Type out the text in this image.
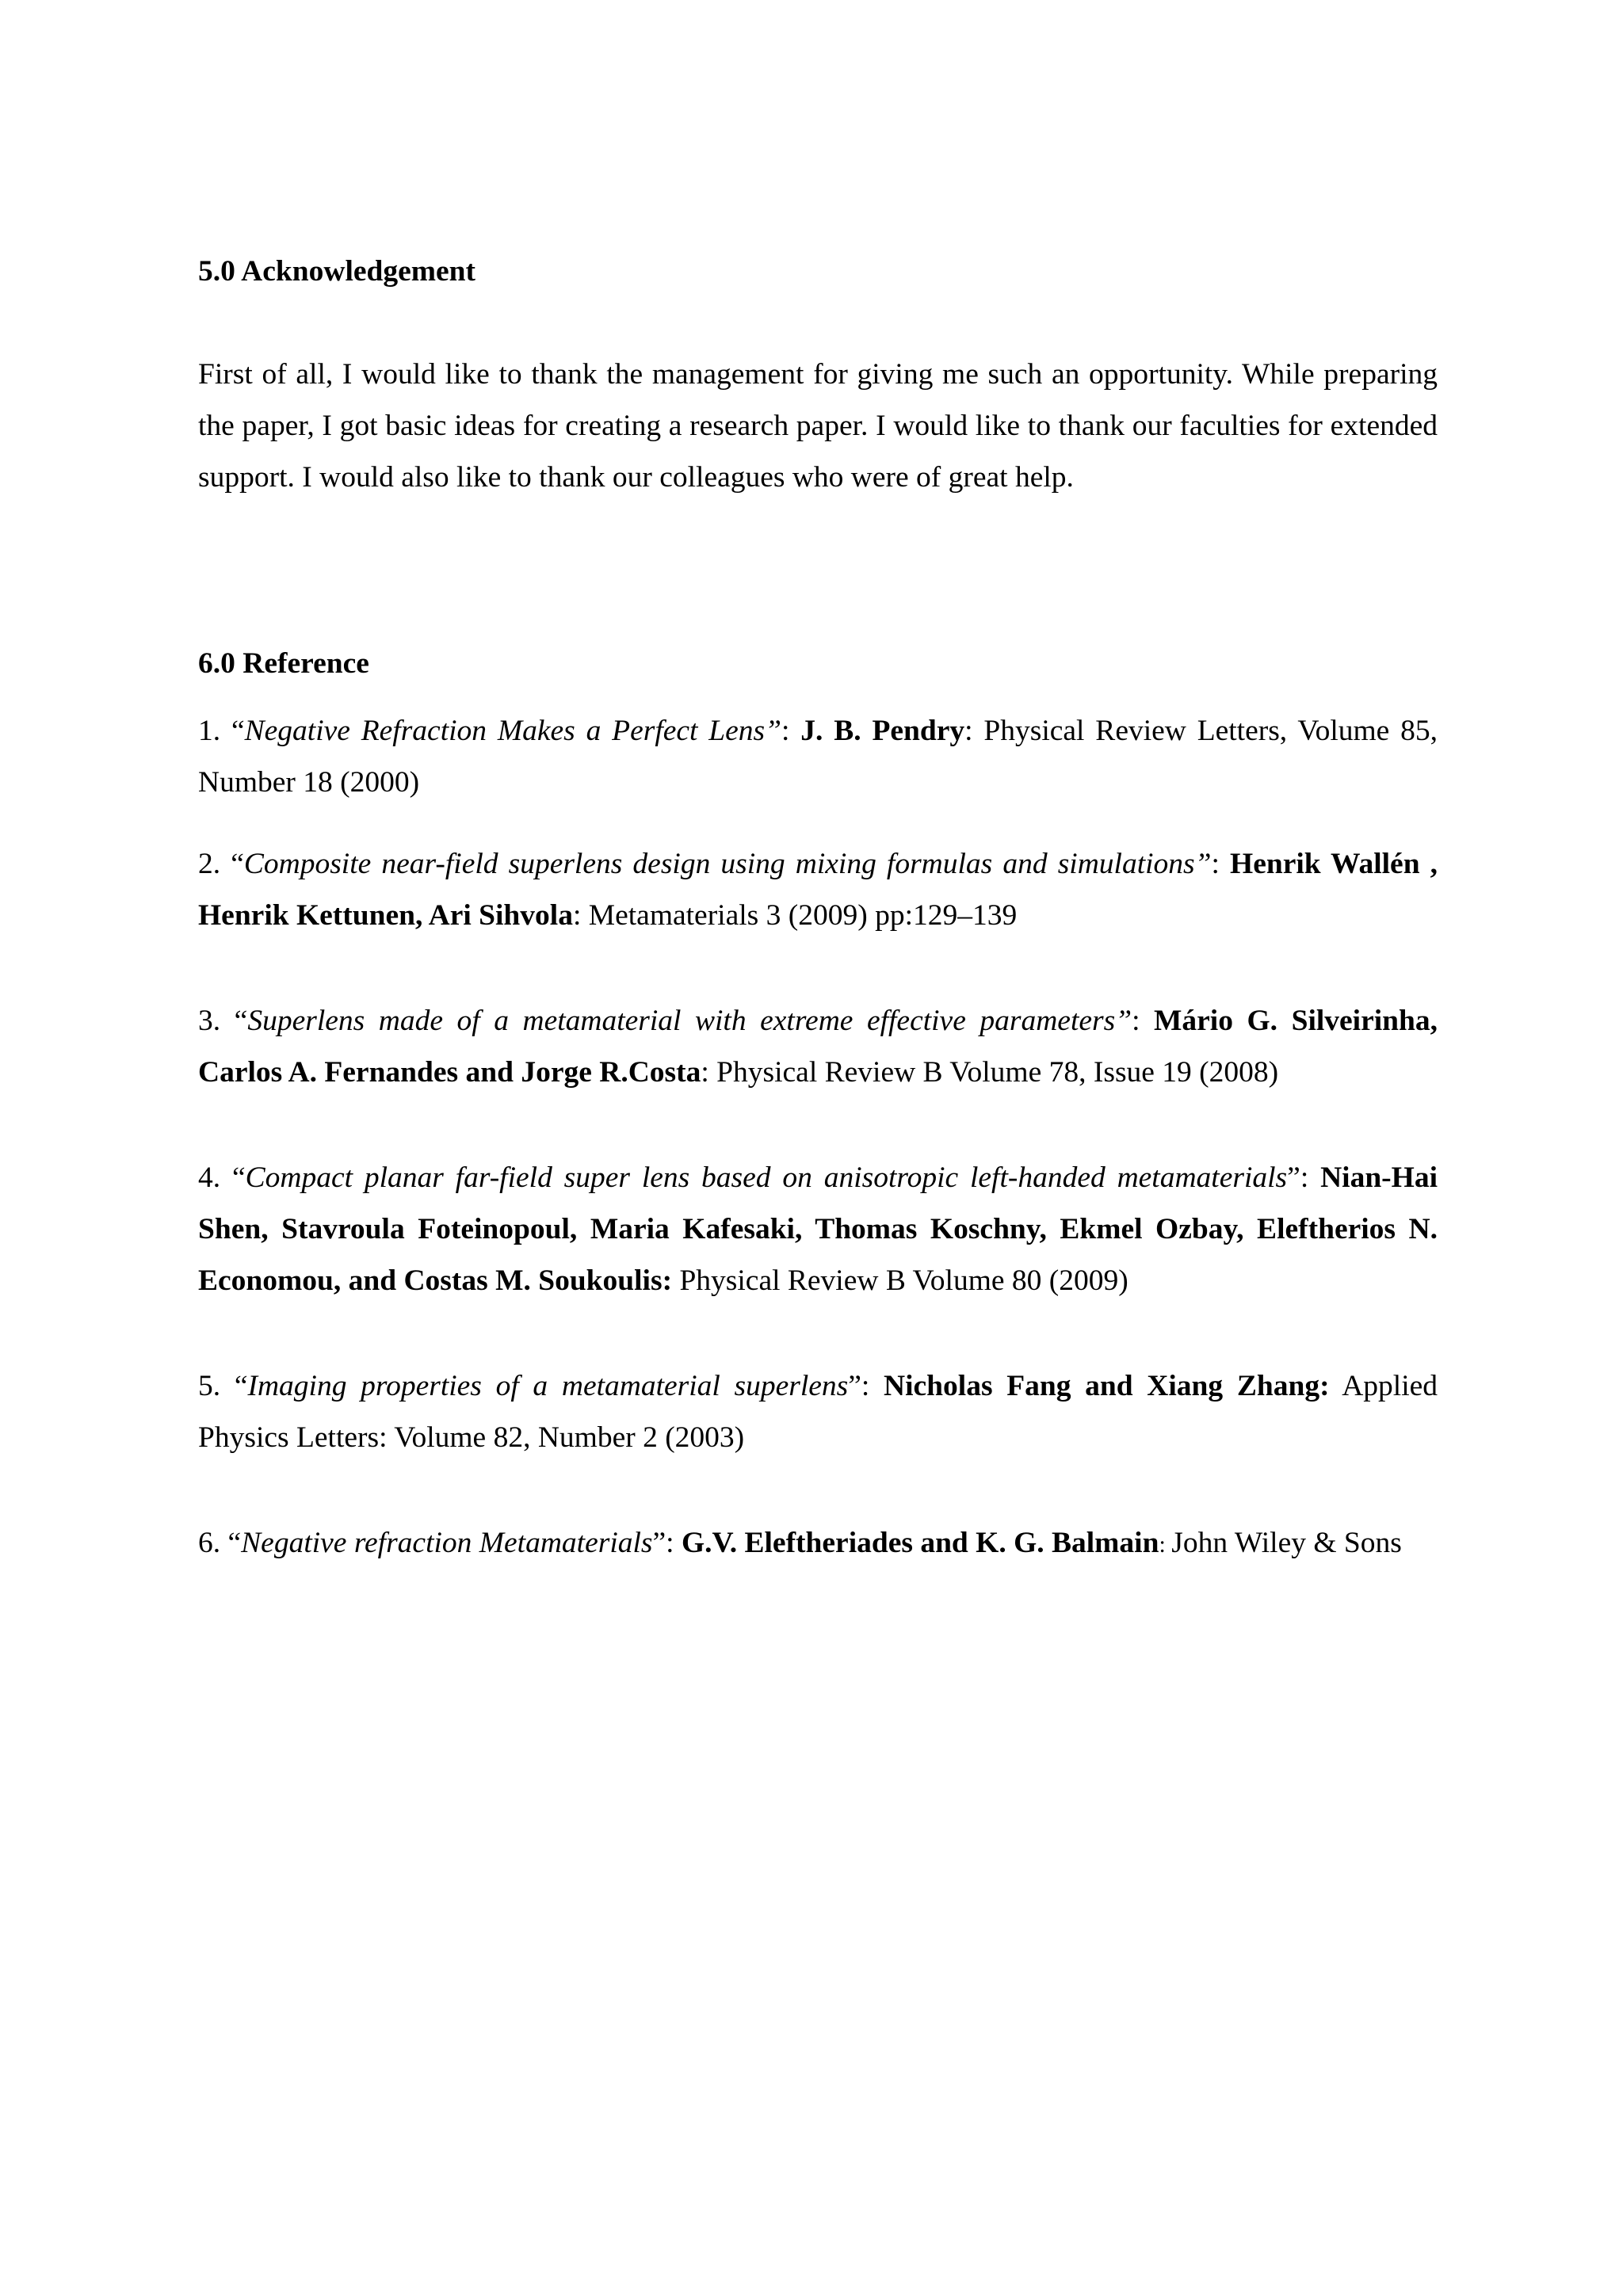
5.0 Acknowledgement

First of all, I would like to thank the management for giving me such an opportunity. While preparing the paper, I got basic ideas for creating a research paper. I would like to thank our faculties for extended support. I would also like to thank our colleagues who were of great help.

6.0 Reference

1. “Negative Refraction Makes a Perfect Lens”: J. B. Pendry: Physical Review Letters, Volume 85, Number 18 (2000)

2. “Composite near-field superlens design using mixing formulas and simulations”: Henrik Wallén , Henrik Kettunen, Ari Sihvola: Metamaterials 3 (2009) pp:129–139

3. “Superlens made of a metamaterial with extreme effective parameters”: Mário G. Silveirinha, Carlos A. Fernandes and Jorge R.Costa: Physical Review B Volume 78, Issue 19 (2008)

4. “Compact planar far-field super lens based on anisotropic left-handed metamaterials”: Nian-Hai Shen, Stavroula Foteinopoul, Maria Kafesaki, Thomas Koschny, Ekmel Ozbay, Eleftherios N. Economou, and Costas M. Soukoulis: Physical Review B Volume 80 (2009)

5. “Imaging properties of a metamaterial superlens”: Nicholas Fang and Xiang Zhang: Applied Physics Letters: Volume 82, Number 2 (2003)

6. “Negative refraction Metamaterials”: G.V. Eleftheriades and K. G. Balmain: John Wiley & Sons
